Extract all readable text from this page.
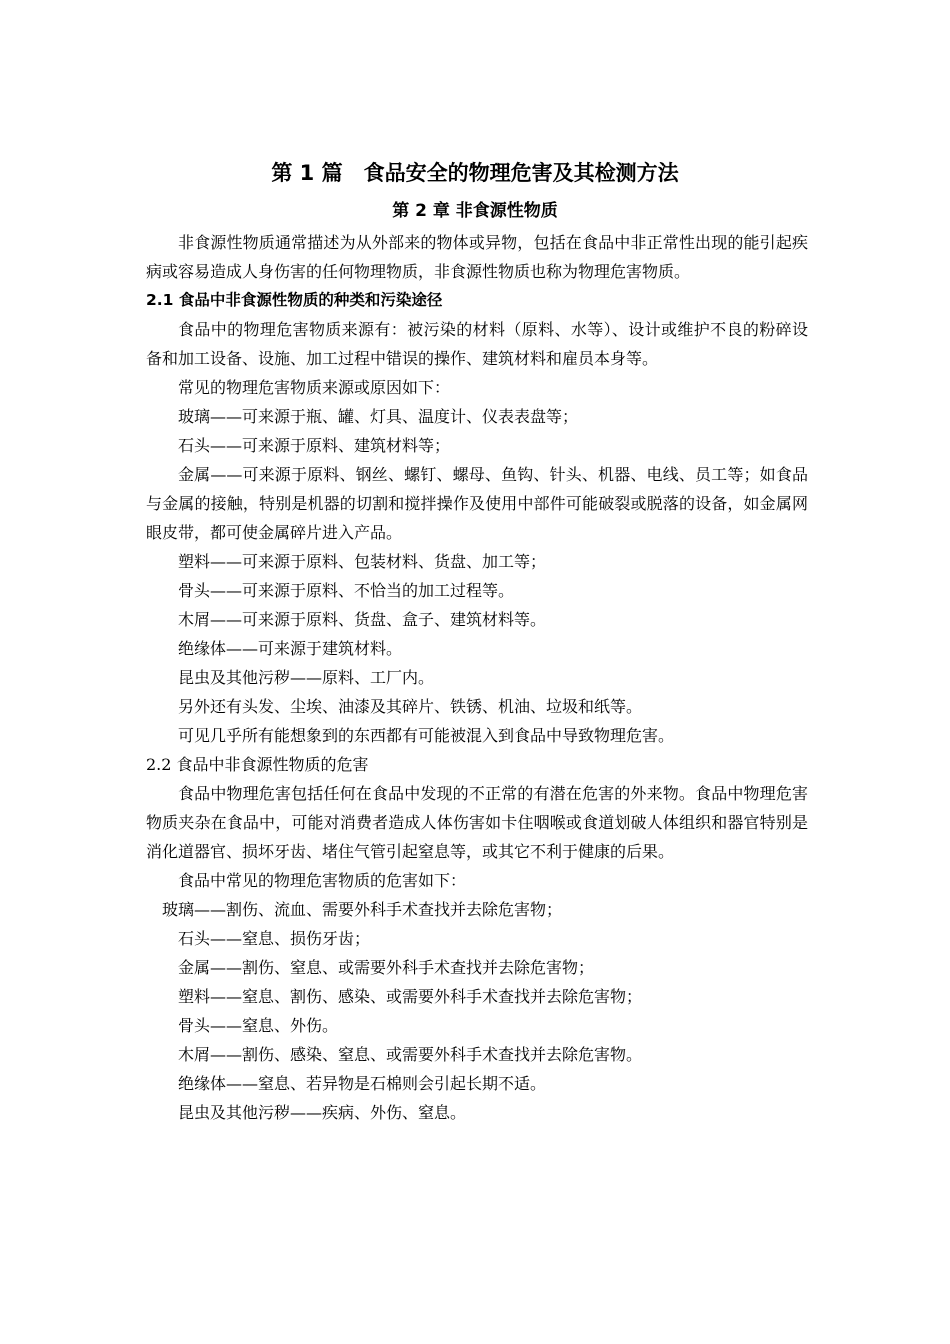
第 1 篇　食品安全的物理危害及其检测方法
第 2 章 非食源性物质

非食源性物质通常描述为从外部来的物体或异物，包括在食品中非正常性出现的能引起疾病或容易造成人身伤害的任何物理物质，非食源性物质也称为物理危害物质。

2.1 食品中非食源性物质的种类和污染途径

食品中的物理危害物质来源有：被污染的材料（原料、水等）、设计或维护不良的粉碎设备和加工设备、设施、加工过程中错误的操作、建筑材料和雇员本身等。

常见的物理危害物质来源或原因如下：

玻璃——可来源于瓶、罐、灯具、温度计、仪表表盘等；

石头——可来源于原料、建筑材料等；

金属——可来源于原料、钢丝、螺钉、螺母、鱼钩、针头、机器、电线、员工等；如食品与金属的接触，特别是机器的切割和搅拌操作及使用中部件可能破裂或脱落的设备，如金属网眼皮带，都可使金属碎片进入产品。

塑料——可来源于原料、包装材料、货盘、加工等；

骨头——可来源于原料、不恰当的加工过程等。

木屑——可来源于原料、货盘、盒子、建筑材料等。

绝缘体——可来源于建筑材料。

昆虫及其他污秽——原料、工厂内。

另外还有头发、尘埃、油漆及其碎片、铁锈、机油、垃圾和纸等。

可见几乎所有能想象到的东西都有可能被混入到食品中导致物理危害。

2.2 食品中非食源性物质的危害

食品中物理危害包括任何在食品中发现的不正常的有潜在危害的外来物。食品中物理危害物质夹杂在食品中，可能对消费者造成人体伤害如卡住咽喉或食道划破人体组织和器官特别是消化道器官、损坏牙齿、堵住气管引起窒息等，或其它不利于健康的后果。

食品中常见的物理危害物质的危害如下：

玻璃——割伤、流血、需要外科手术查找并去除危害物；

石头——窒息、损伤牙齿；

金属——割伤、窒息、或需要外科手术查找并去除危害物；

塑料——窒息、割伤、感染、或需要外科手术查找并去除危害物；

骨头——窒息、外伤。

木屑——割伤、感染、窒息、或需要外科手术查找并去除危害物。

绝缘体——窒息、若异物是石棉则会引起长期不适。

昆虫及其他污秽——疾病、外伤、窒息。
